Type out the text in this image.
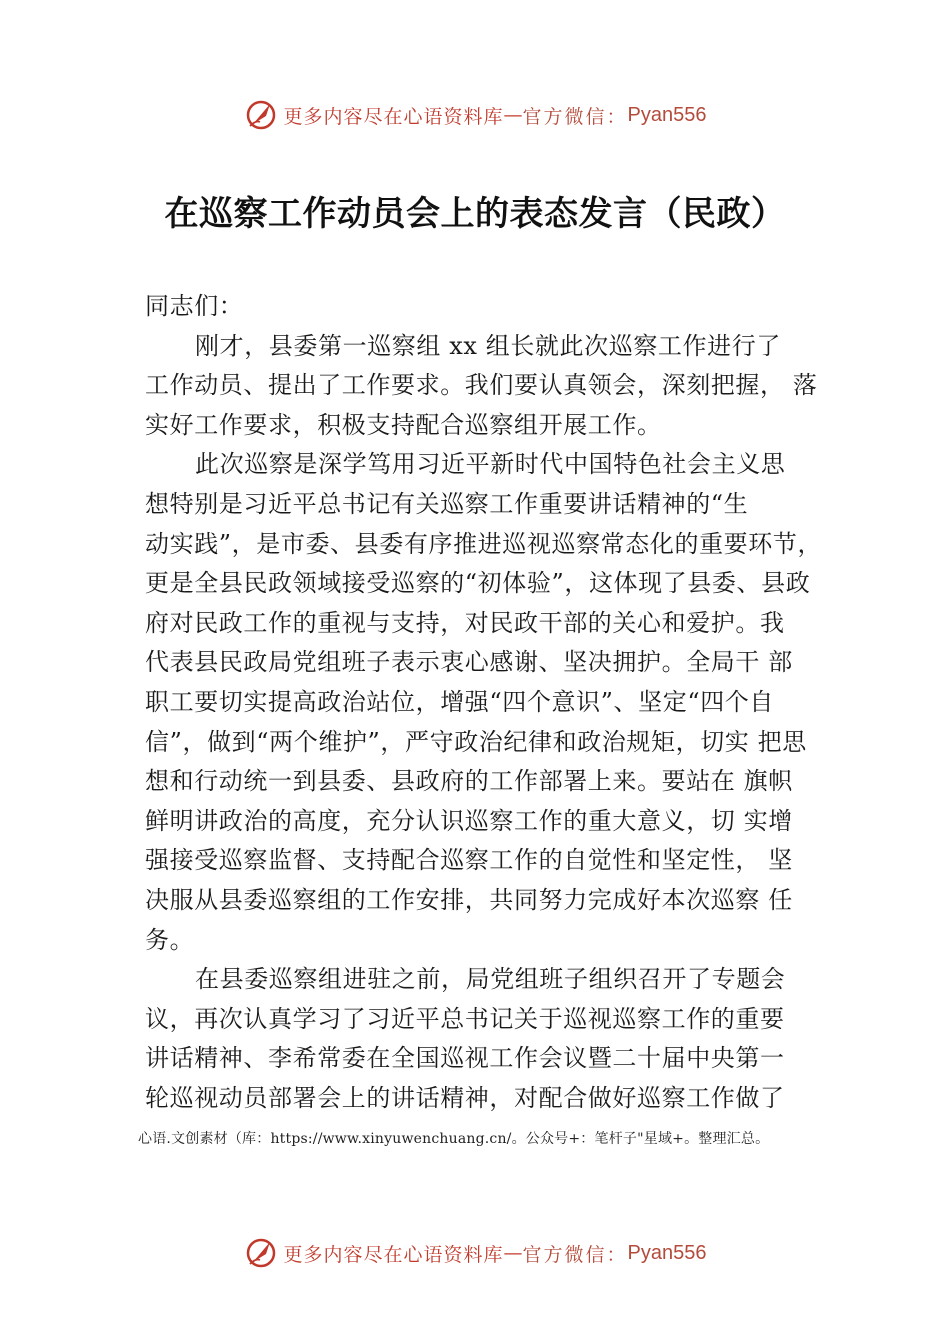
更多内容尽在心语资料库 — 官方微信： Pyan556
在巡察工作动员会上的表态发言（民政）

同志们：

刚才，县委第一巡察组 xx 组长就此次巡察工作进行了

工作动员、提出了工作要求。我们要认真领会，深刻把握， 落

实好工作要求，积极支持配合巡察组开展工作。

此次巡察是深学笃用习近平新时代中国特色社会主义思

想特别是习近平总书记有关巡察工作重要讲话精神的“生

动实践”，是市委、县委有序推进巡视巡察常态化的重要环节，

更是全县民政领域接受巡察的“初体验”，这体现了县委、县政

府对民政工作的重视与支持，对民政干部的关心和爱护。我

代表县民政局党组班子表示衷心感谢、坚决拥护。全局干 部

职工要切实提高政治站位，增强“四个意识”、坚定“四个自

信”，做到“两个维护”，严守政治纪律和政治规矩，切实 把思

想和行动统一到县委、县政府的工作部署上来。要站在 旗帜

鲜明讲政治的高度，充分认识巡察工作的重大意义，切 实增

强接受巡察监督、支持配合巡察工作的自觉性和坚定性， 坚

决服从县委巡察组的工作安排，共同努力完成好本次巡察 任

务。

在县委巡察组进驻之前，局党组班子组织召开了专题会

议，再次认真学习了习近平总书记关于巡视巡察工作的重要

讲话精神、李希常委在全国巡视工作会议暨二十届中央第一

轮巡视动员部署会上的讲话精神，对配合做好巡察工作做了

心语.文创素材（库：https://www.xinyuwenchuang.cn/。公众号+：笔杆子"星域+。整理汇总。
更多内容尽在心语资料库 — 官方微信： Pyan556
